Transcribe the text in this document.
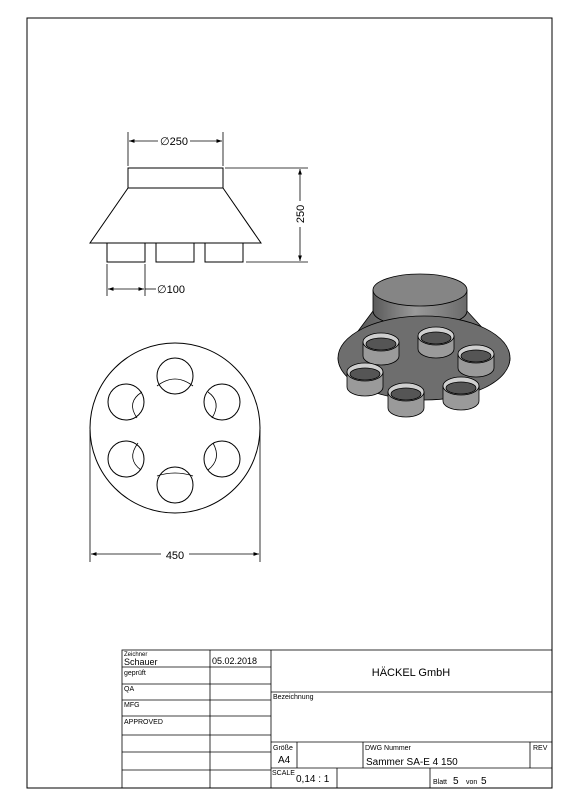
∅250
250
∅100
450
Zeichner
Schauer	05.02.2018
geprüft
QA
MFG
APPROVED
HÄCKEL GmbH
Bezeichnung
Größe
A4
DWG Nummer
Sammer SA-E 4 150
REV
SCALE
0,14 : 1	Blatt 5 von 5
